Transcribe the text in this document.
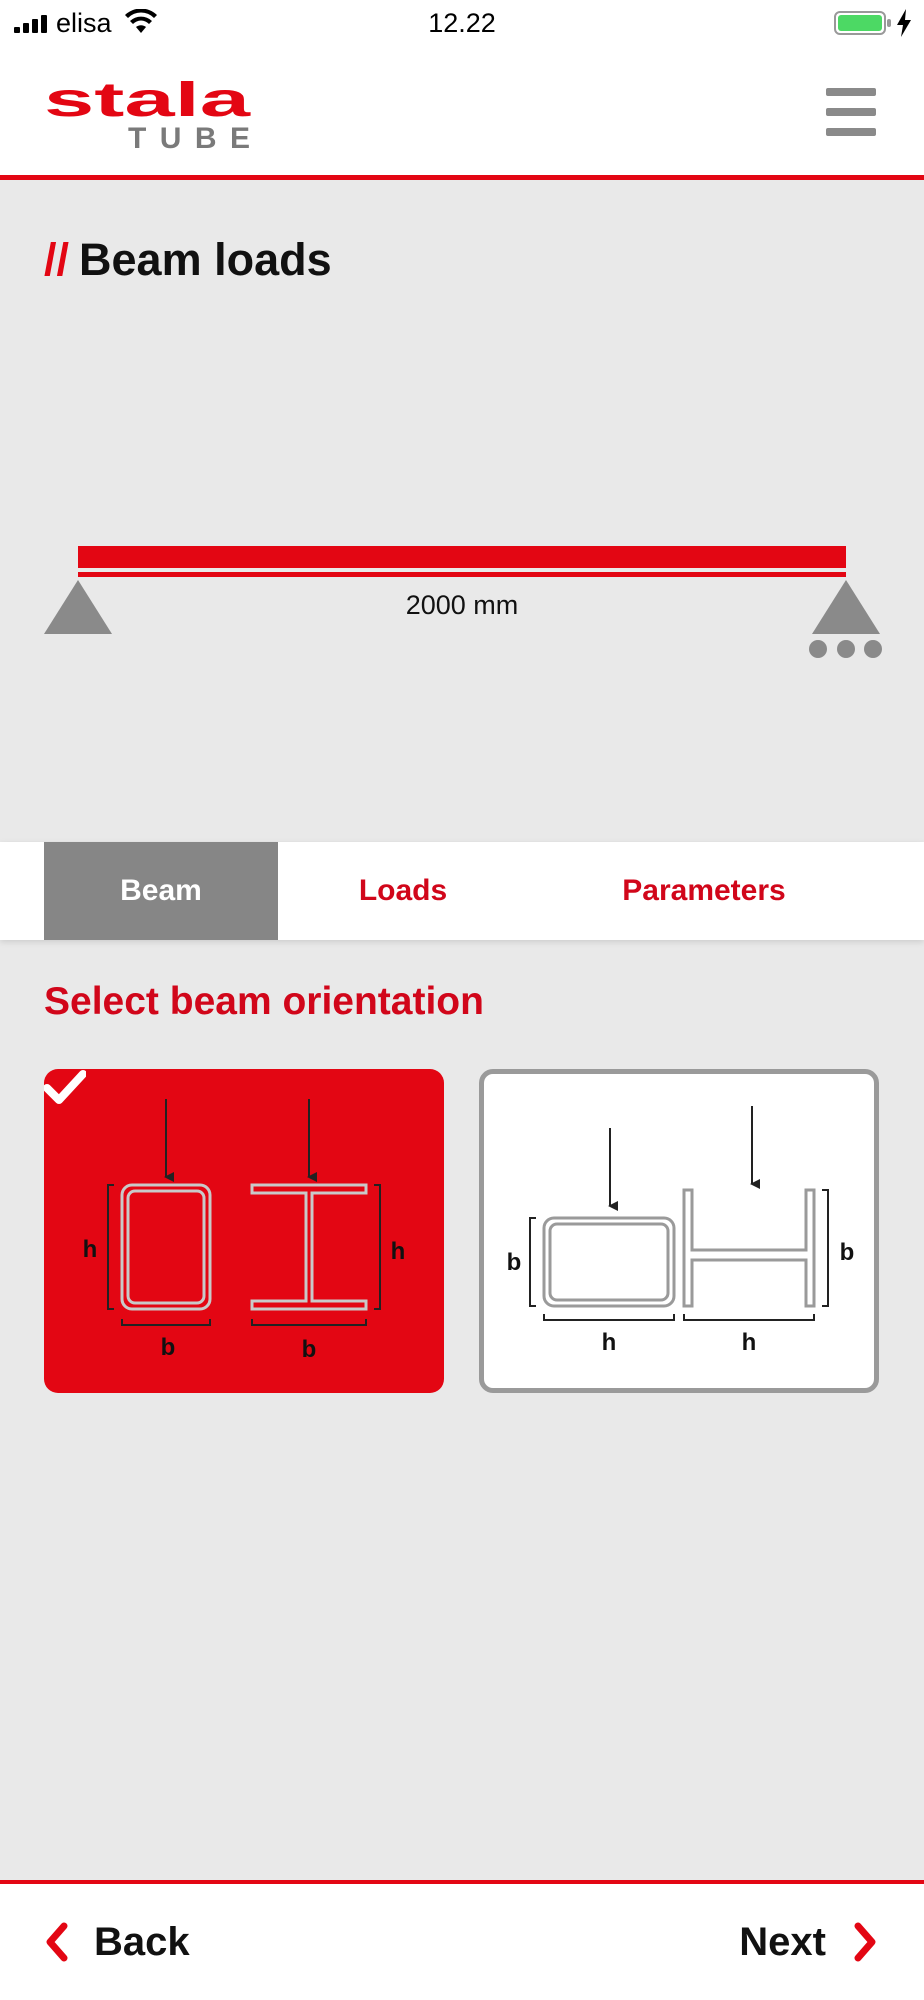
elisa	12.22
stala
TUBE
// Beam loads
2000 mm
Beam	Loads	Parameters
Select beam orientation
h	h
b	b
b	b
h	h
Back	Next
